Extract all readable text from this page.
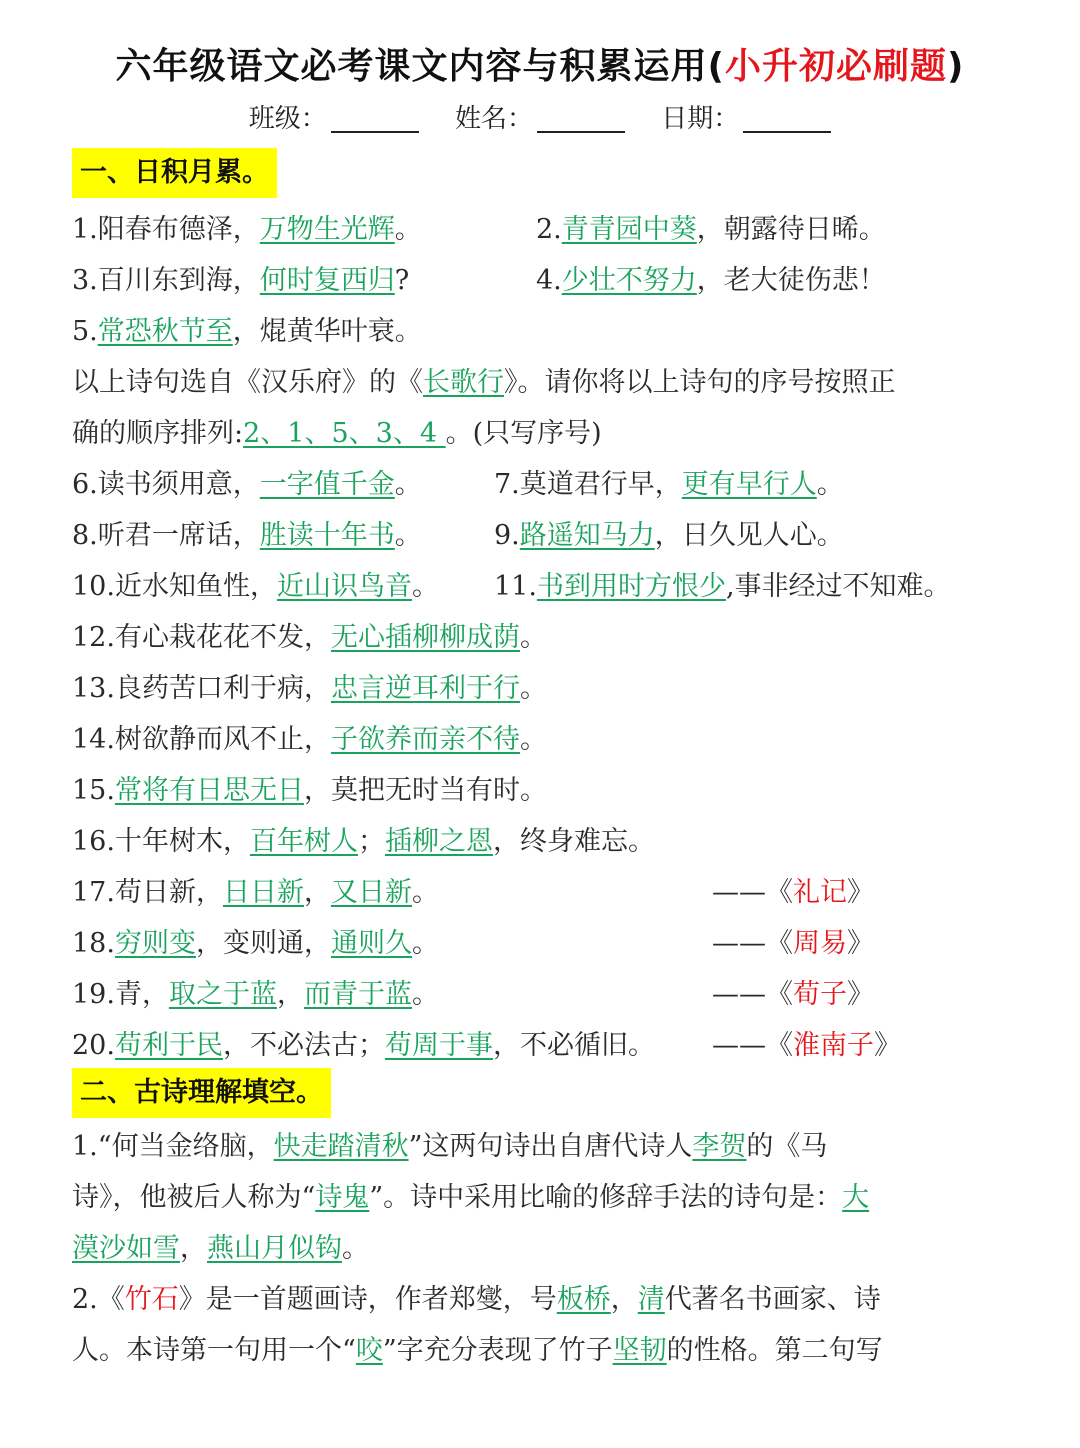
六年级语文必考课文内容与积累运用(小升初必刷题)
班级：	姓名：	日期：
一、日积月累。
二、古诗理解填空。
1.阳春布德泽，万物生光辉。	2.青青园中葵，朝露待日晞。
3.百川东到海，何时复西归?	4.少壮不努力，老大徒伤悲！
5.常恐秋节至，焜黄华叶衰。
以上诗句选自《汉乐府》的《长歌行》。请你将以上诗句的序号按照正
确的顺序排列:2、1、5、3、4 。(只写序号)
6.读书须用意，一字值千金。	7.莫道君行早，更有早行人。
8.听君一席话，胜读十年书。	9.路遥知马力，日久见人心。
10.近水知鱼性，近山识鸟音。 11.书到用时方恨少,事非经过不知难。
12.有心栽花花不发，无心插柳柳成荫。
13.良药苦口利于病，忠言逆耳利于行。
14.树欲静而风不止，子欲养而亲不待。
15.常将有日思无日，莫把无时当有时。
16.十年树木，百年树人；插柳之恩，终身难忘。
17.苟日新，日日新，又日新。	——《礼记》
18.穷则变，变则通，通则久。	——《周易》
19.青，取之于蓝，而青于蓝。	——《荀子》
20.苟利于民，不必法古；苟周于事，不必循旧。 ——《淮南子》
1.“何当金络脑，快走踏清秋”这两句诗出自唐代诗人李贺的《马
诗》，他被后人称为“诗鬼”。诗中采用比喻的修辞手法的诗句是：大
漠沙如雪，燕山月似钩。
2.《竹石》是一首题画诗，作者郑燮，号板桥，清代著名书画家、诗
人。本诗第一句用一个“咬”字充分表现了竹子坚韧的性格。第二句写
